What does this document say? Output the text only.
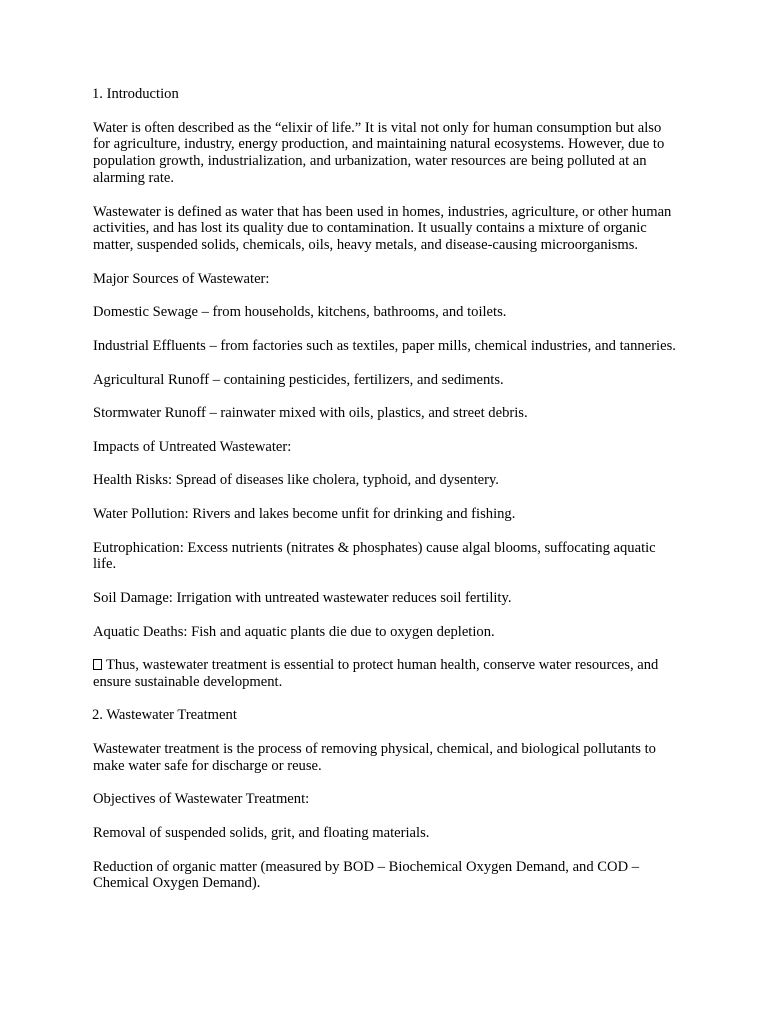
1. Introduction

Water is often described as the “elixir of life.” It is vital not only for human consumption but also for agriculture, industry, energy production, and maintaining natural ecosystems. However, due to population growth, industrialization, and urbanization, water resources are being polluted at an alarming rate.

Wastewater is defined as water that has been used in homes, industries, agriculture, or other human activities, and has lost its quality due to contamination. It usually contains a mixture of organic matter, suspended solids, chemicals, oils, heavy metals, and disease-causing microorganisms.

Major Sources of Wastewater:

Domestic Sewage – from households, kitchens, bathrooms, and toilets.

Industrial Effluents – from factories such as textiles, paper mills, chemical industries, and tanneries.

Agricultural Runoff – containing pesticides, fertilizers, and sediments.

Stormwater Runoff – rainwater mixed with oils, plastics, and street debris.

Impacts of Untreated Wastewater:

Health Risks: Spread of diseases like cholera, typhoid, and dysentery.

Water Pollution: Rivers and lakes become unfit for drinking and fishing.

Eutrophication: Excess nutrients (nitrates & phosphates) cause algal blooms, suffocating aquatic life.

Soil Damage: Irrigation with untreated wastewater reduces soil fertility.

Aquatic Deaths: Fish and aquatic plants die due to oxygen depletion.

Thus, wastewater treatment is essential to protect human health, conserve water resources, and ensure sustainable development.

2. Wastewater Treatment

Wastewater treatment is the process of removing physical, chemical, and biological pollutants to make water safe for discharge or reuse.

Objectives of Wastewater Treatment:

Removal of suspended solids, grit, and floating materials.

Reduction of organic matter (measured by BOD – Biochemical Oxygen Demand, and COD – Chemical Oxygen Demand).
